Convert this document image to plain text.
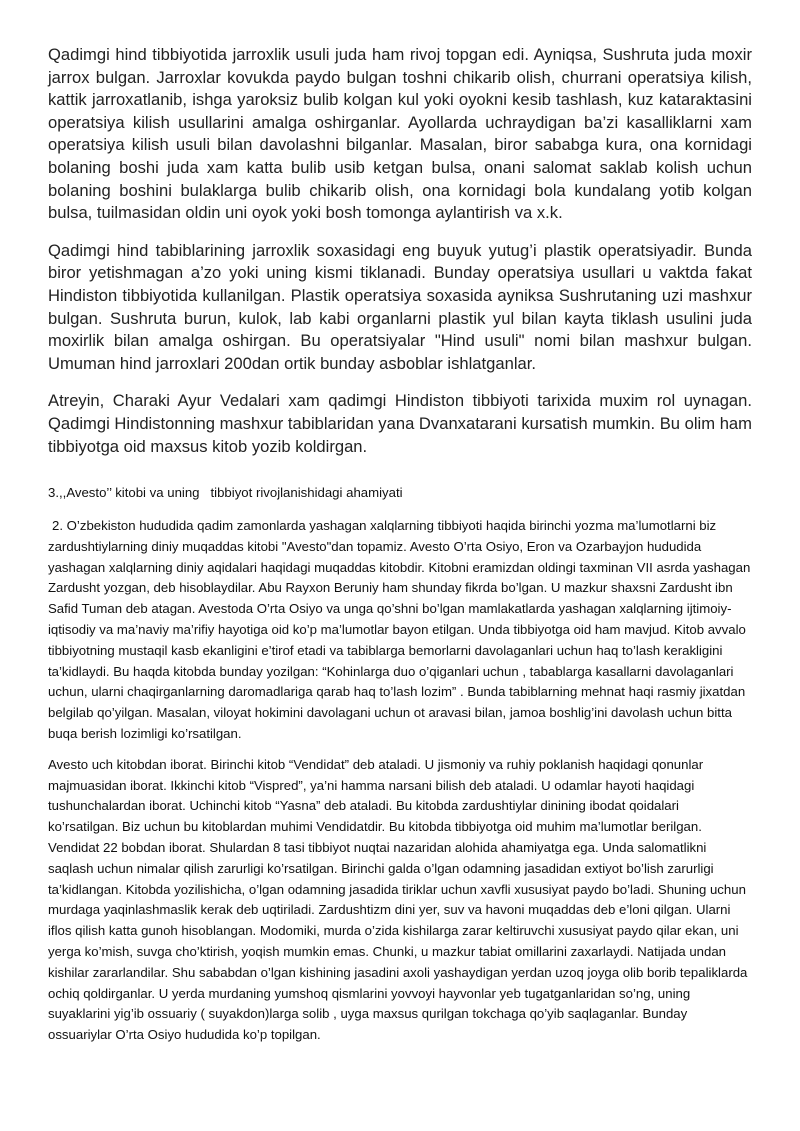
Qadimgi hind tibbiyotida jarroxlik usuli juda ham rivoj topgan edi. Ayniqsa, Sushruta juda moxir jarrox bulgan. Jarroxlar kovukda paydo bulgan toshni chikarib olish, churrani operatsiya kilish, kattik jarroxatlanib, ishga yaroksiz bulib kolgan kul yoki oyokni kesib tashlash, kuz kataraktasini operatsiya kilish usullarini amalga oshirganlar. Ayollarda uchraydigan ba’zi kasalliklarni xam operatsiya kilish usuli bilan davolashni bilganlar. Masalan, biror sababga kura, ona kornidagi bolaning boshi juda xam katta bulib usib ketgan bulsa, onani salomat saklab kolish uchun bolaning boshini bulaklarga bulib chikarib olish, ona kornidagi bola kundalang yotib kolgan bulsa, tuilmasidan oldin uni oyok yoki bosh tomonga aylantirish va x.k.

Qadimgi hind tabiblarining jarroxlik soxasidagi eng buyuk yutug’i plastik operatsiyadir. Bunda biror yetishmagan a’zo yoki uning kismi tiklanadi. Bunday operatsiya usullari u vaktda fakat Hindiston tibbiyotida kullanilgan. Plastik operatsiya soxasida ayniksa Sushrutaning uzi mashxur bulgan. Sushruta burun, kulok, lab kabi organlarni plastik yul bilan kayta tiklash usulini juda moxirlik bilan amalga oshirgan. Bu operatsiyalar "Hind usuli" nomi bilan mashxur bulgan. Umuman hind jarroxlari 200dan ortik bunday asboblar ishlatganlar.

Atreyin, Charaki Ayur Vedalari xam qadimgi Hindiston tibbiyoti tarixida muxim rol uynagan. Qadimgi Hindistonning mashxur tabiblaridan yana Dvanxatarani kursatish mumkin. Bu olim ham tibbiyotga oid maxsus kitob yozib koldirgan.

3.,,Avesto’’ kitobi va uning   tibbiyot rivojlanishidagi ahamiyati

2. O’zbekiston hududida qadim zamonlarda yashagan xalqlarning tibbiyoti haqida birinchi yozma ma’lumotlarni biz zardushtiylarning diniy muqaddas kitobi "Avesto"dan topamiz. Avesto O’rta Osiyo, Eron va Ozarbayjon hududida yashagan xalqlarning diniy aqidalari haqidagi muqaddas kitobdir. Kitobni eramizdan oldingi taxminan VII asrda yashagan Zardusht yozgan, deb hisoblaydilar. Abu Rayxon Beruniy ham shunday fikrda bo’lgan. U mazkur shaxsni Zardusht ibn Safid Tuman deb atagan. Avestoda O’rta Osiyo va unga qo’shni bo’lgan mamlakatlarda yashagan xalqlarning ijtimoiy-iqtisodiy va ma’naviy ma’rifiy hayotiga oid ko’p ma’lumotlar bayon etilgan. Unda tibbiyotga oid ham mavjud. Kitob avvalo tibbiyotning mustaqil kasb ekanligini e’tirof etadi va tabiblarga bemorlarni davolaganlari uchun haq to’lash kerakligini ta’kidlaydi. Bu haqda kitobda bunday yozilgan: “Kohinlarga duo o’qiganlari uchun , tabablarga kasallarni davolaganlari uchun, ularni chaqirganlarning daromadlariga qarab haq to’lash lozim” . Bunda tabiblarning mehnat haqi rasmiy jixatdan belgilab qo’yilgan. Masalan, viloyat hokimini davolagani uchun ot aravasi bilan, jamoa boshlig’ini davolash uchun bitta buqa berish lozimligi ko’rsatilgan.

Avesto uch kitobdan iborat. Birinchi kitob “Vendidat” deb ataladi. U jismoniy va ruhiy poklanish haqidagi qonunlar majmuasidan iborat. Ikkinchi kitob “Vispred”, ya’ni hamma narsani bilish deb ataladi. U odamlar hayoti haqidagi tushunchalardan iborat. Uchinchi kitob “Yasna” deb ataladi. Bu kitobda zardushtiylar dinining ibodat qoidalari ko’rsatilgan. Biz uchun bu kitoblardan muhimi Vendidatdir. Bu kitobda tibbiyotga oid muhim ma’lumotlar berilgan. Vendidat 22 bobdan iborat. Shulardan 8 tasi tibbiyot nuqtai nazaridan alohida ahamiyatga ega. Unda salomatlikni saqlash uchun nimalar qilish zarurligi ko’rsatilgan. Birinchi galda o’lgan odamning jasadidan extiyot bo’lish zarurligi ta’kidlangan. Kitobda yozilishicha, o’lgan odamning jasadida tiriklar uchun xavfli xususiyat paydo bo’ladi. Shuning uchun murdaga yaqinlashmaslik kerak deb uqtiriladi. Zardushtizm dini yer, suv va havoni muqaddas deb e’loni qilgan. Ularni iflos qilish katta gunoh hisoblangan. Modomiki, murda o’zida kishilarga zarar keltiruvchi xususiyat paydo qilar ekan, uni yerga ko’mish, suvga cho’ktirish, yoqish mumkin emas. Chunki, u mazkur tabiat omillarini zaxarlaydi. Natijada undan kishilar zararlandilar. Shu sababdan o’lgan kishining jasadini axoli yashaydigan yerdan uzoq joyga olib borib tepaliklarda ochiq qoldirganlar. U yerda murdaning yumshoq qismlarini yovvoyi hayvonlar yeb tugatganlaridan so’ng, uning suyaklarini yig’ib ossuariy ( suyakdon)larga solib , uyga maxsus qurilgan tokchaga qo’yib saqlaganlar. Bunday ossuariylar O’rta Osiyo hududida ko’p topilgan.
